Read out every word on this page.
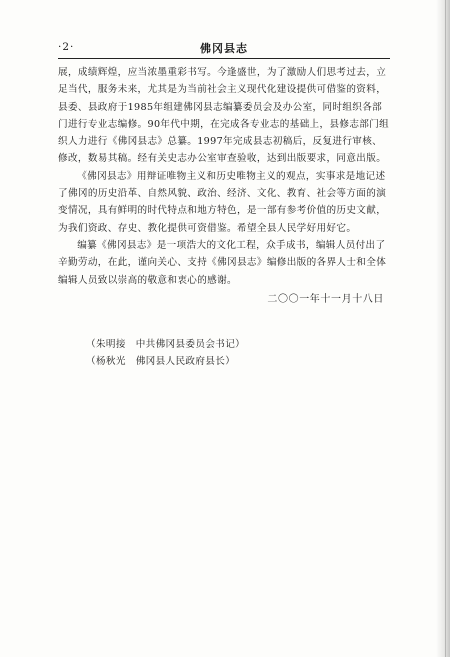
·2·	佛冈县志

展，成绩辉煌，应当浓墨重彩书写。今逢盛世，为了激励人们思考过去，立足当代，服务未来，尤其是为当前社会主义现代化建设提供可借鉴的资料，县委、县政府于1985年组建佛冈县志编纂委员会及办公室，同时组织各部门进行专业志编修。90年代中期，在完成各专业志的基础上，县修志部门组织人力进行《佛冈县志》总纂。1997年完成县志初稿后，反复进行审核、修改，数易其稿。经有关史志办公室审查验收，达到出版要求，同意出版。

《佛冈县志》用辩证唯物主义和历史唯物主义的观点，实事求是地记述了佛冈的历史沿革、自然风貌、政治、经济、文化、教育、社会等方面的演变情况，具有鲜明的时代特点和地方特色，是一部有参考价值的历史文献，为我们资政、存史、教化提供可资借鉴。希望全县人民学好用好它。

编纂《佛冈县志》是一项浩大的文化工程，众手成书，编辑人员付出了辛勤劳动，在此，谨向关心、支持《佛冈县志》编修出版的各界人士和全体编辑人员致以崇高的敬意和衷心的感谢。

二〇〇一年十一月十八日

（朱明接　中共佛冈县委员会书记）

（杨秋光　佛冈县人民政府县长）
